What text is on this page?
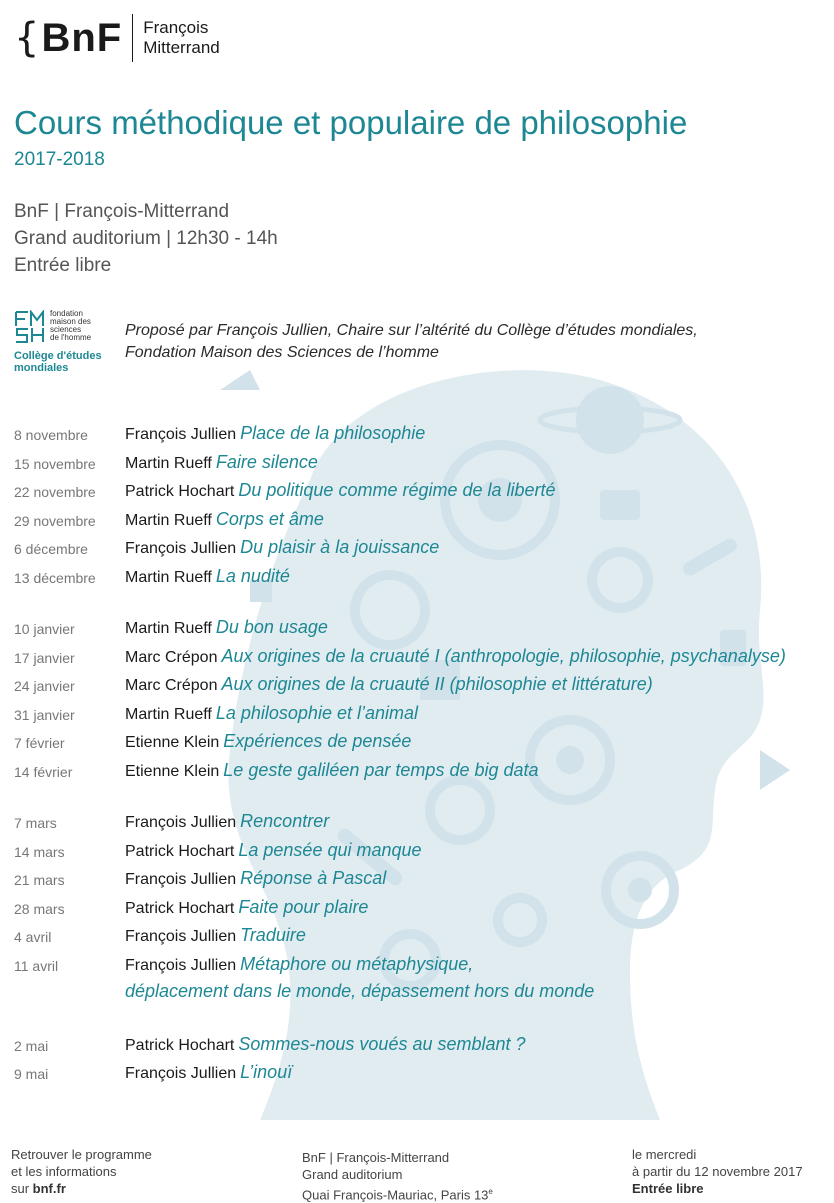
{ BnF François
Mitterrand
Cours méthodique et populaire de philosophie
2017-2018
BnF | François-Mitterrand
Grand auditorium | 12h30 - 14h
Entrée libre
fondation
maison des
sciences
de l'homme
Collège d'études
mondiales
Proposé par François Jullien, Chaire sur l’altérité du Collège d’études mondiales,
Fondation Maison des Sciences de l’homme
8 novembre François Jullien Place de la philosophie
15 novembre Martin Rueff Faire silence
22 novembre Patrick Hochart Du politique comme régime de la liberté
29 novembre Martin Rueff Corps et âme
6 décembre François Jullien Du plaisir à la jouissance
13 décembre Martin Rueff La nudité
10 janvier	Martin Rueff Du bon usage
17 janvier	Marc Crépon Aux origines de la cruauté I (anthropologie, philosophie, psychanalyse)
24 janvier	Marc Crépon Aux origines de la cruauté II (philosophie et littérature)
31 janvier	Martin Rueff La philosophie et l’animal
7 février	Etienne Klein Expériences de pensée
14 février	Etienne Klein Le geste galiléen par temps de big data
7 mars	François Jullien Rencontrer
14 mars	Patrick Hochart La pensée qui manque
21 mars	François Jullien Réponse à Pascal
28 mars	Patrick Hochart Faite pour plaire
4 avril	François Jullien Traduire
11 avril	François Jullien Métaphore ou métaphysique,
déplacement dans le monde, dépassement hors du monde
2 mai	Patrick Hochart Sommes-nous voués au semblant ?
9 mai	François Jullien L’inouï
Retrouver le programme
et les informations
sur bnf.fr
BnF | François-Mitterrand
Grand auditorium
Quai François-Mauriac, Paris 13e
le mercredi
à partir du 12 novembre 2017
Entrée libre
